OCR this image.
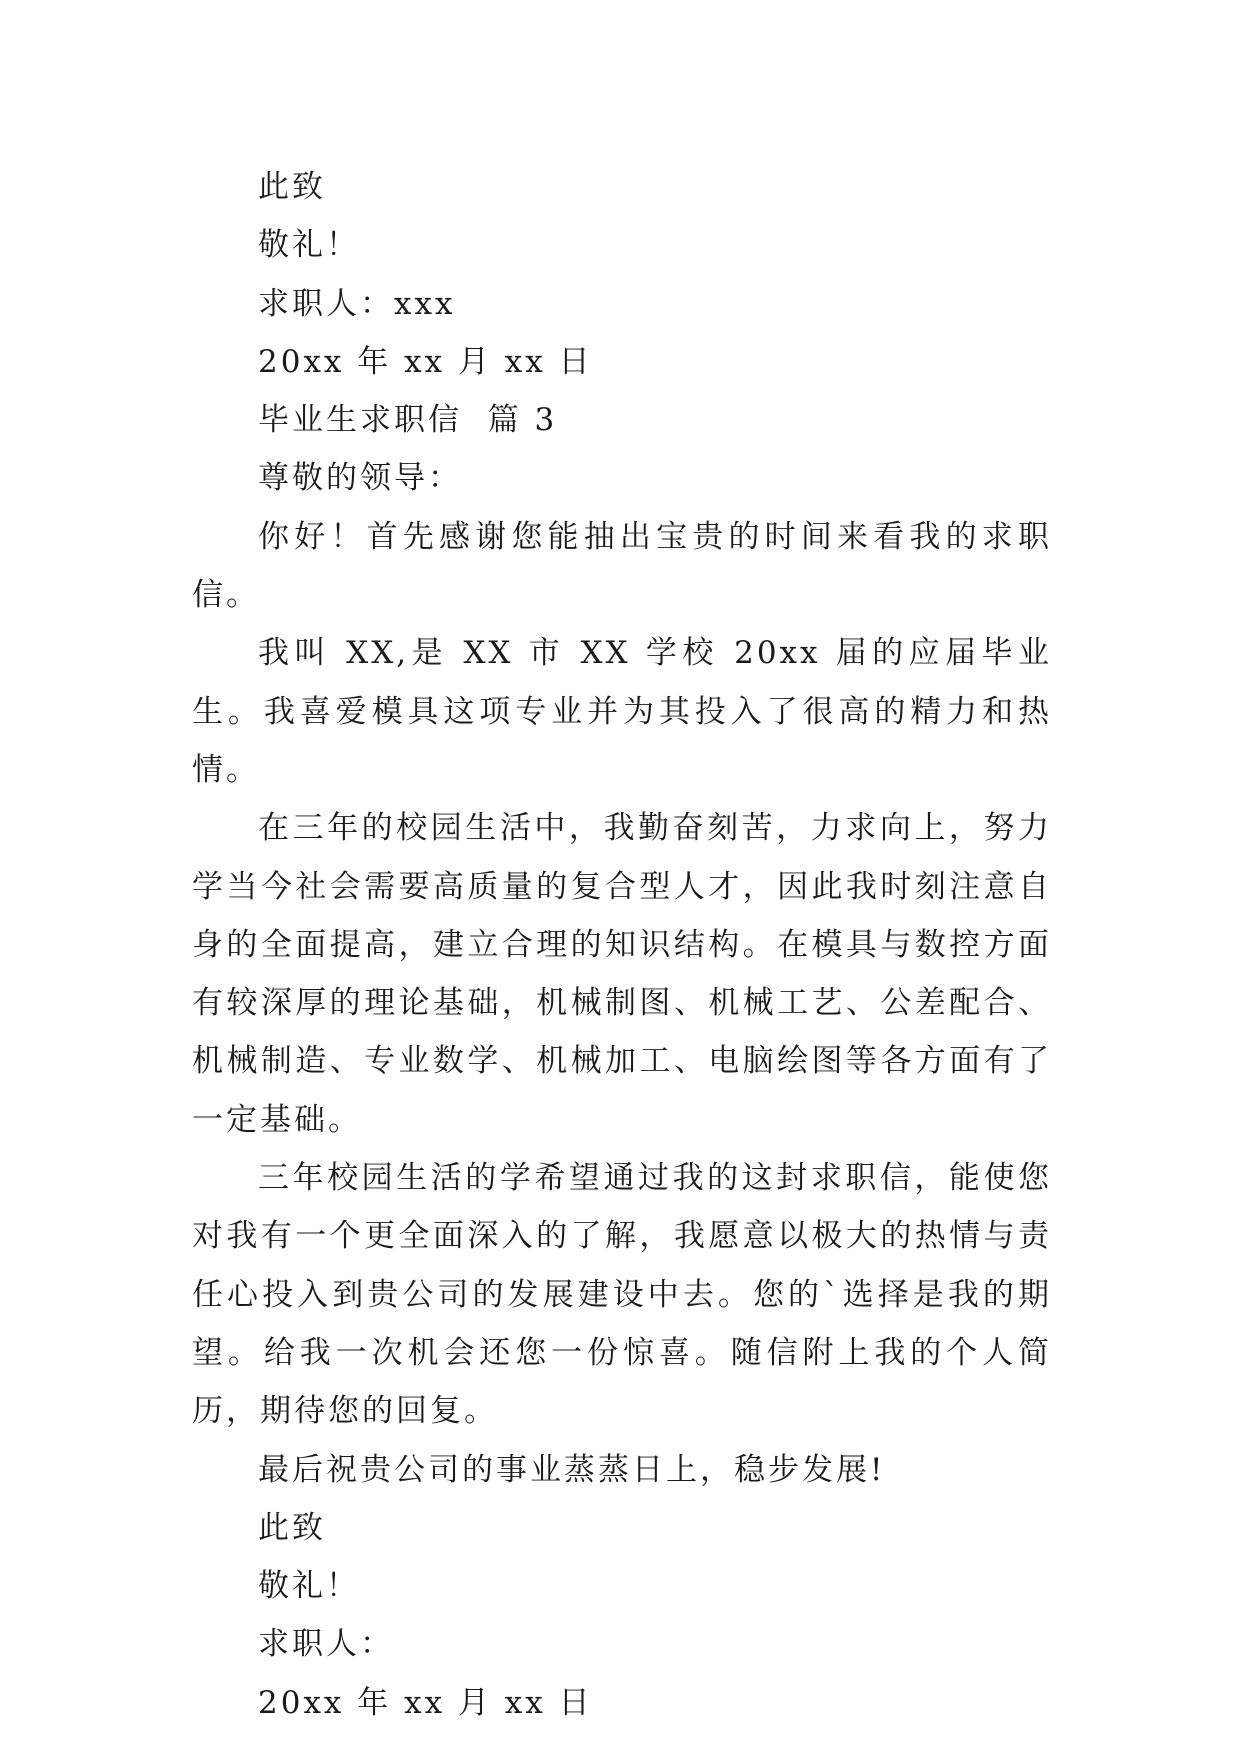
此致

敬礼！

求职人：xxx

20xx 年 xx 月 xx 日

毕业生求职信  篇 3

尊敬的领导：

你好！首先感谢您能抽出宝贵的时间来看我的求职信。

我叫 XX,是 XX 市 XX 学校 20xx 届的应届毕业生。我喜爱模具这项专业并为其投入了很高的精力和热情。

在三年的校园生活中，我勤奋刻苦，力求向上，努力学当今社会需要高质量的复合型人才，因此我时刻注意自身的全面提高，建立合理的知识结构。在模具与数控方面有较深厚的理论基础，机械制图、机械工艺、公差配合、机械制造、专业数学、机械加工、电脑绘图等各方面有了一定基础。

三年校园生活的学希望通过我的这封求职信，能使您对我有一个更全面深入的了解，我愿意以极大的热情与责任心投入到贵公司的发展建设中去。您的`选择是我的期望。给我一次机会还您一份惊喜。随信附上我的个人简历，期待您的回复。

最后祝贵公司的事业蒸蒸日上，稳步发展!

此致

敬礼！

求职人：

20xx 年 xx 月 xx 日
